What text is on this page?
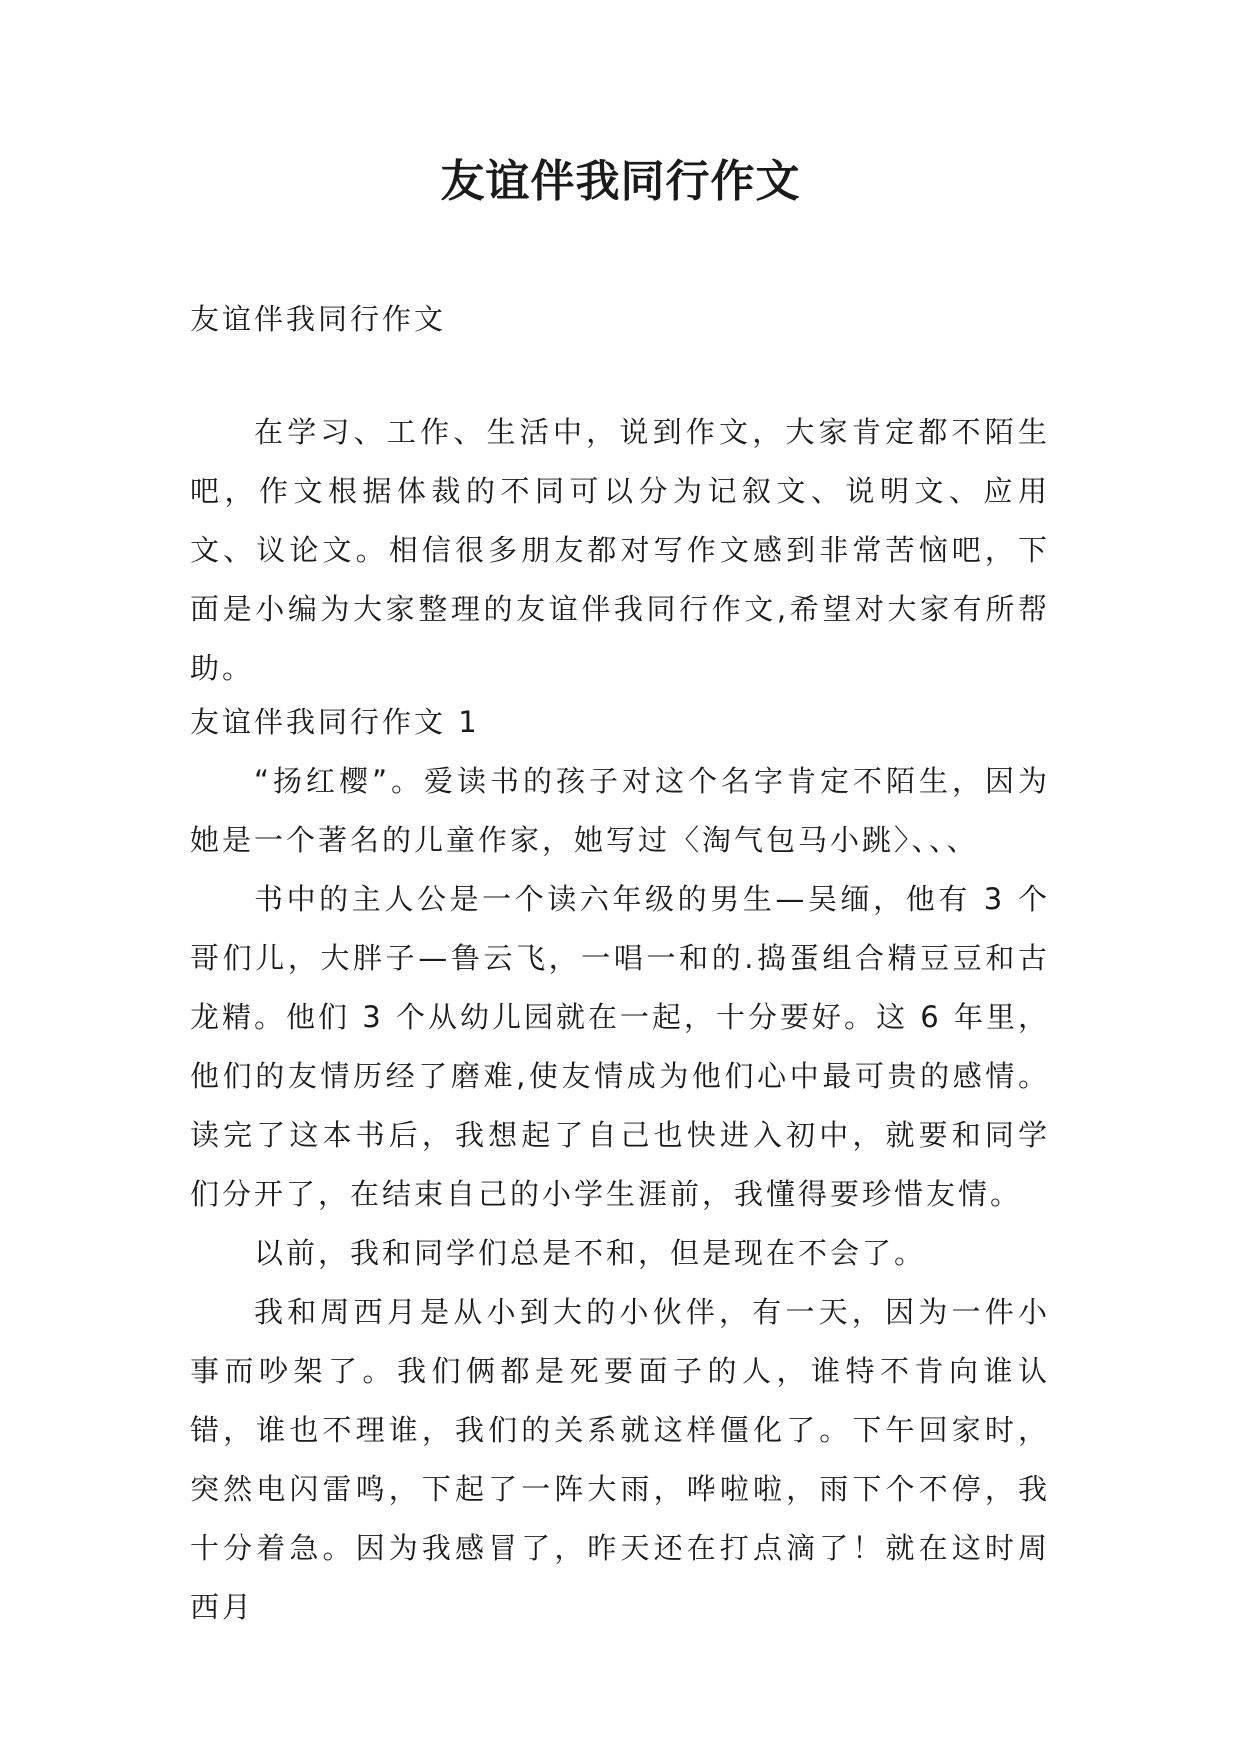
友谊伴我同行作文

友谊伴我同行作文

在学习、工作、生活中，说到作文，大家肯定都不陌生吧，作文根据体裁的不同可以分为记叙文、说明文、应用文、议论文。相信很多朋友都对写作文感到非常苦恼吧，下面是小编为大家整理的友谊伴我同行作文,希望对大家有所帮助。

友谊伴我同行作文 1

“扬红樱”。爱读书的孩子对这个名字肯定不陌生，因为她是一个著名的儿童作家，她写过〈淘气包马小跳〉、、、

书中的主人公是一个读六年级的男生—吴缅，他有 3 个哥们儿，大胖子—鲁云飞，一唱一和的.捣蛋组合精豆豆和古龙精。他们 3 个从幼儿园就在一起，十分要好。这 6 年里，他们的友情历经了磨难,使友情成为他们心中最可贵的感情。读完了这本书后，我想起了自己也快进入初中，就要和同学们分开了，在结束自己的小学生涯前，我懂得要珍惜友情。

以前，我和同学们总是不和，但是现在不会了。

我和周西月是从小到大的小伙伴，有一天，因为一件小事而吵架了。我们俩都是死要面子的人，谁特不肯向谁认错，谁也不理谁，我们的关系就这样僵化了。下午回家时，突然电闪雷鸣，下起了一阵大雨，哗啦啦，雨下个不停，我十分着急。因为我感冒了，昨天还在打点滴了！就在这时周西月
